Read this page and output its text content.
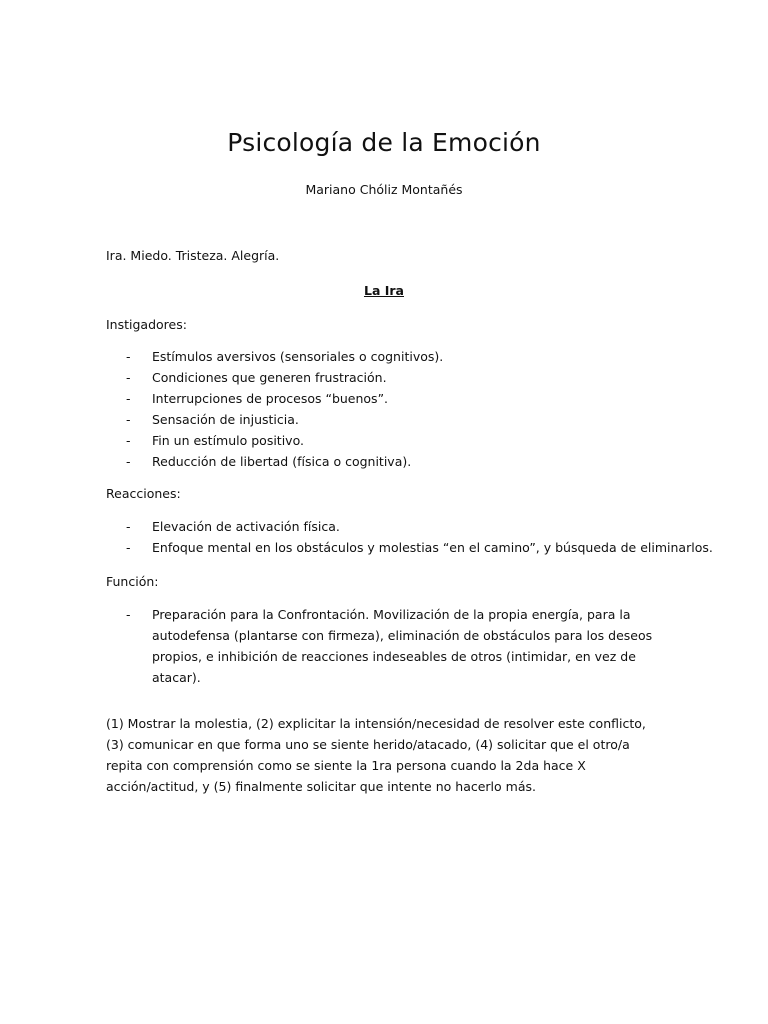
Psicología de la Emoción
Mariano Chóliz Montañés
Ira. Miedo. Tristeza. Alegría.
La Ira
Instigadores:
- Estímulos aversivos (sensoriales o cognitivos).
- Condiciones que generen frustración.
- Interrupciones de procesos “buenos”.
- Sensación de injusticia.
- Fin un estímulo positivo.
- Reducción de libertad (física o cognitiva).
Reacciones:
- Elevación de activación física.
- Enfoque mental en los obstáculos y molestias “en el camino”, y búsqueda de eliminarlos.
Función:
- Preparación para la Confrontación. Movilización de la propia energía, para la autodefensa (plantarse con firmeza), eliminación de obstáculos para los deseos propios, e inhibición de reacciones indeseables de otros (intimidar, en vez de atacar).
(1) Mostrar la molestia, (2) explicitar la intensión/necesidad de resolver este conflicto, (3) comunicar en que forma uno se siente herido/atacado, (4) solicitar que el otro/a repita con comprensión como se siente la 1ra persona cuando la 2da hace X acción/actitud, y (5) finalmente solicitar que intente no hacerlo más.
